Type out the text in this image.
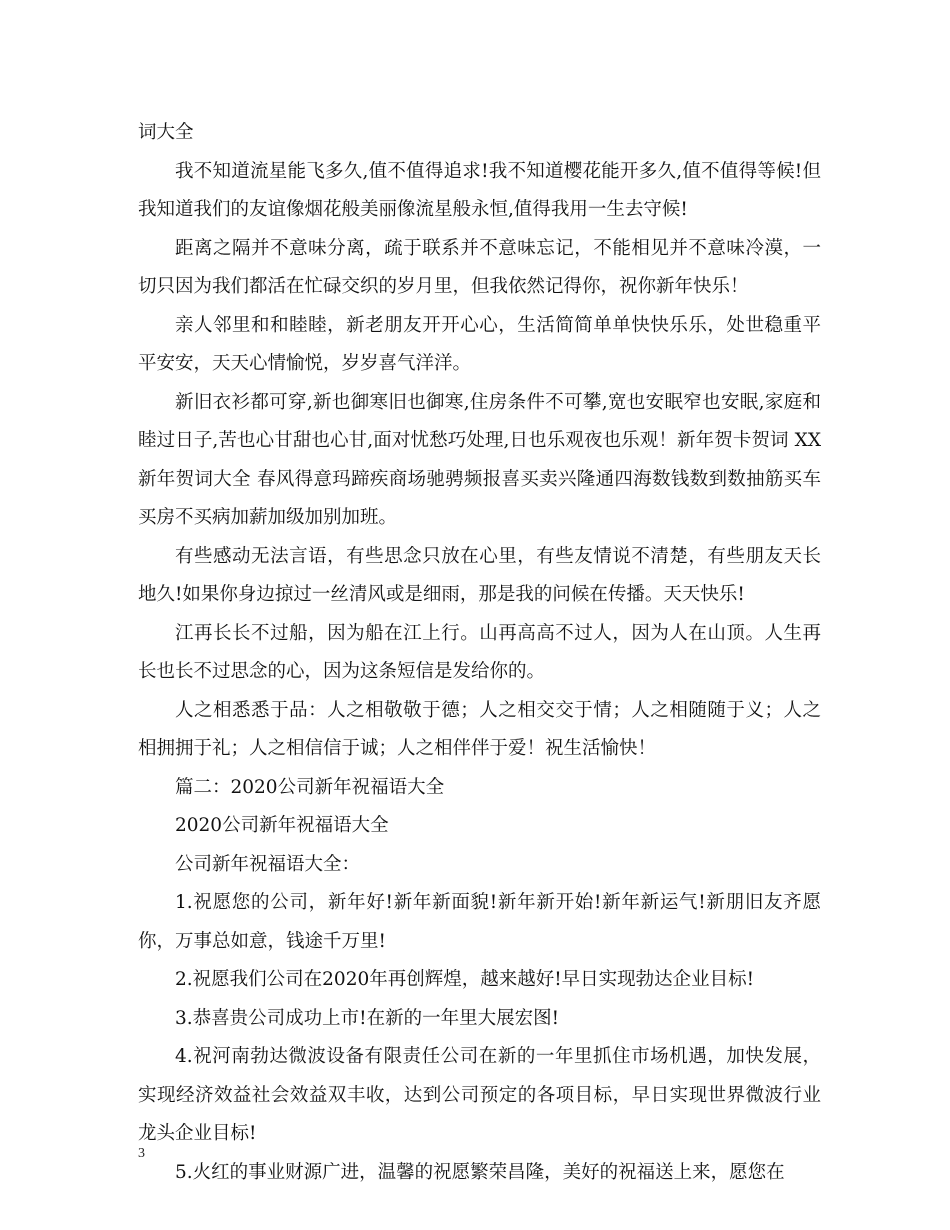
词大全

我不知道流星能飞多久,值不值得追求!我不知道樱花能开多久,值不值得等候!但我知道我们的友谊像烟花般美丽像流星般永恒,值得我用一生去守候!

距离之隔并不意味分离，疏于联系并不意味忘记，不能相见并不意味冷漠，一切只因为我们都活在忙碌交织的岁月里，但我依然记得你，祝你新年快乐！

亲人邻里和和睦睦，新老朋友开开心心，生活简简单单快快乐乐，处世稳重平平安安，天天心情愉悦，岁岁喜气洋洋。

新旧衣衫都可穿,新也御寒旧也御寒,住房条件不可攀,宽也安眠窄也安眠,家庭和睦过日子,苦也心甘甜也心甘,面对忧愁巧处理,日也乐观夜也乐观！新年贺卡贺词 XX新年贺词大全 春风得意玛蹄疾商场驰骋频报喜买卖兴隆通四海数钱数到数抽筋买车买房不买病加薪加级加别加班。

有些感动无法言语，有些思念只放在心里，有些友情说不清楚，有些朋友天长地久!如果你身边掠过一丝清风或是细雨，那是我的问候在传播。天天快乐!

江再长长不过船，因为船在江上行。山再高高不过人，因为人在山顶。人生再长也长不过思念的心，因为这条短信是发给你的。

人之相悉悉于品：人之相敬敬于德；人之相交交于情；人之相随随于义；人之相拥拥于礼；人之相信信于诚；人之相伴伴于爱！祝生活愉快！

篇二：2020公司新年祝福语大全

2020公司新年祝福语大全

公司新年祝福语大全：

1.祝愿您的公司，新年好!新年新面貌!新年新开始!新年新运气!新朋旧友齐愿你，万事总如意，钱途千万里!

2.祝愿我们公司在2020年再创辉煌，越来越好!早日实现勃达企业目标!

3.恭喜贵公司成功上市!在新的一年里大展宏图!

4.祝河南勃达微波设备有限责任公司在新的一年里抓住市场机遇，加快发展，实现经济效益社会效益双丰收，达到公司预定的各项目标，早日实现世界微波行业龙头企业目标!

5.火红的事业财源广进，温馨的祝愿繁荣昌隆，美好的祝福送上来，愿您在

3
